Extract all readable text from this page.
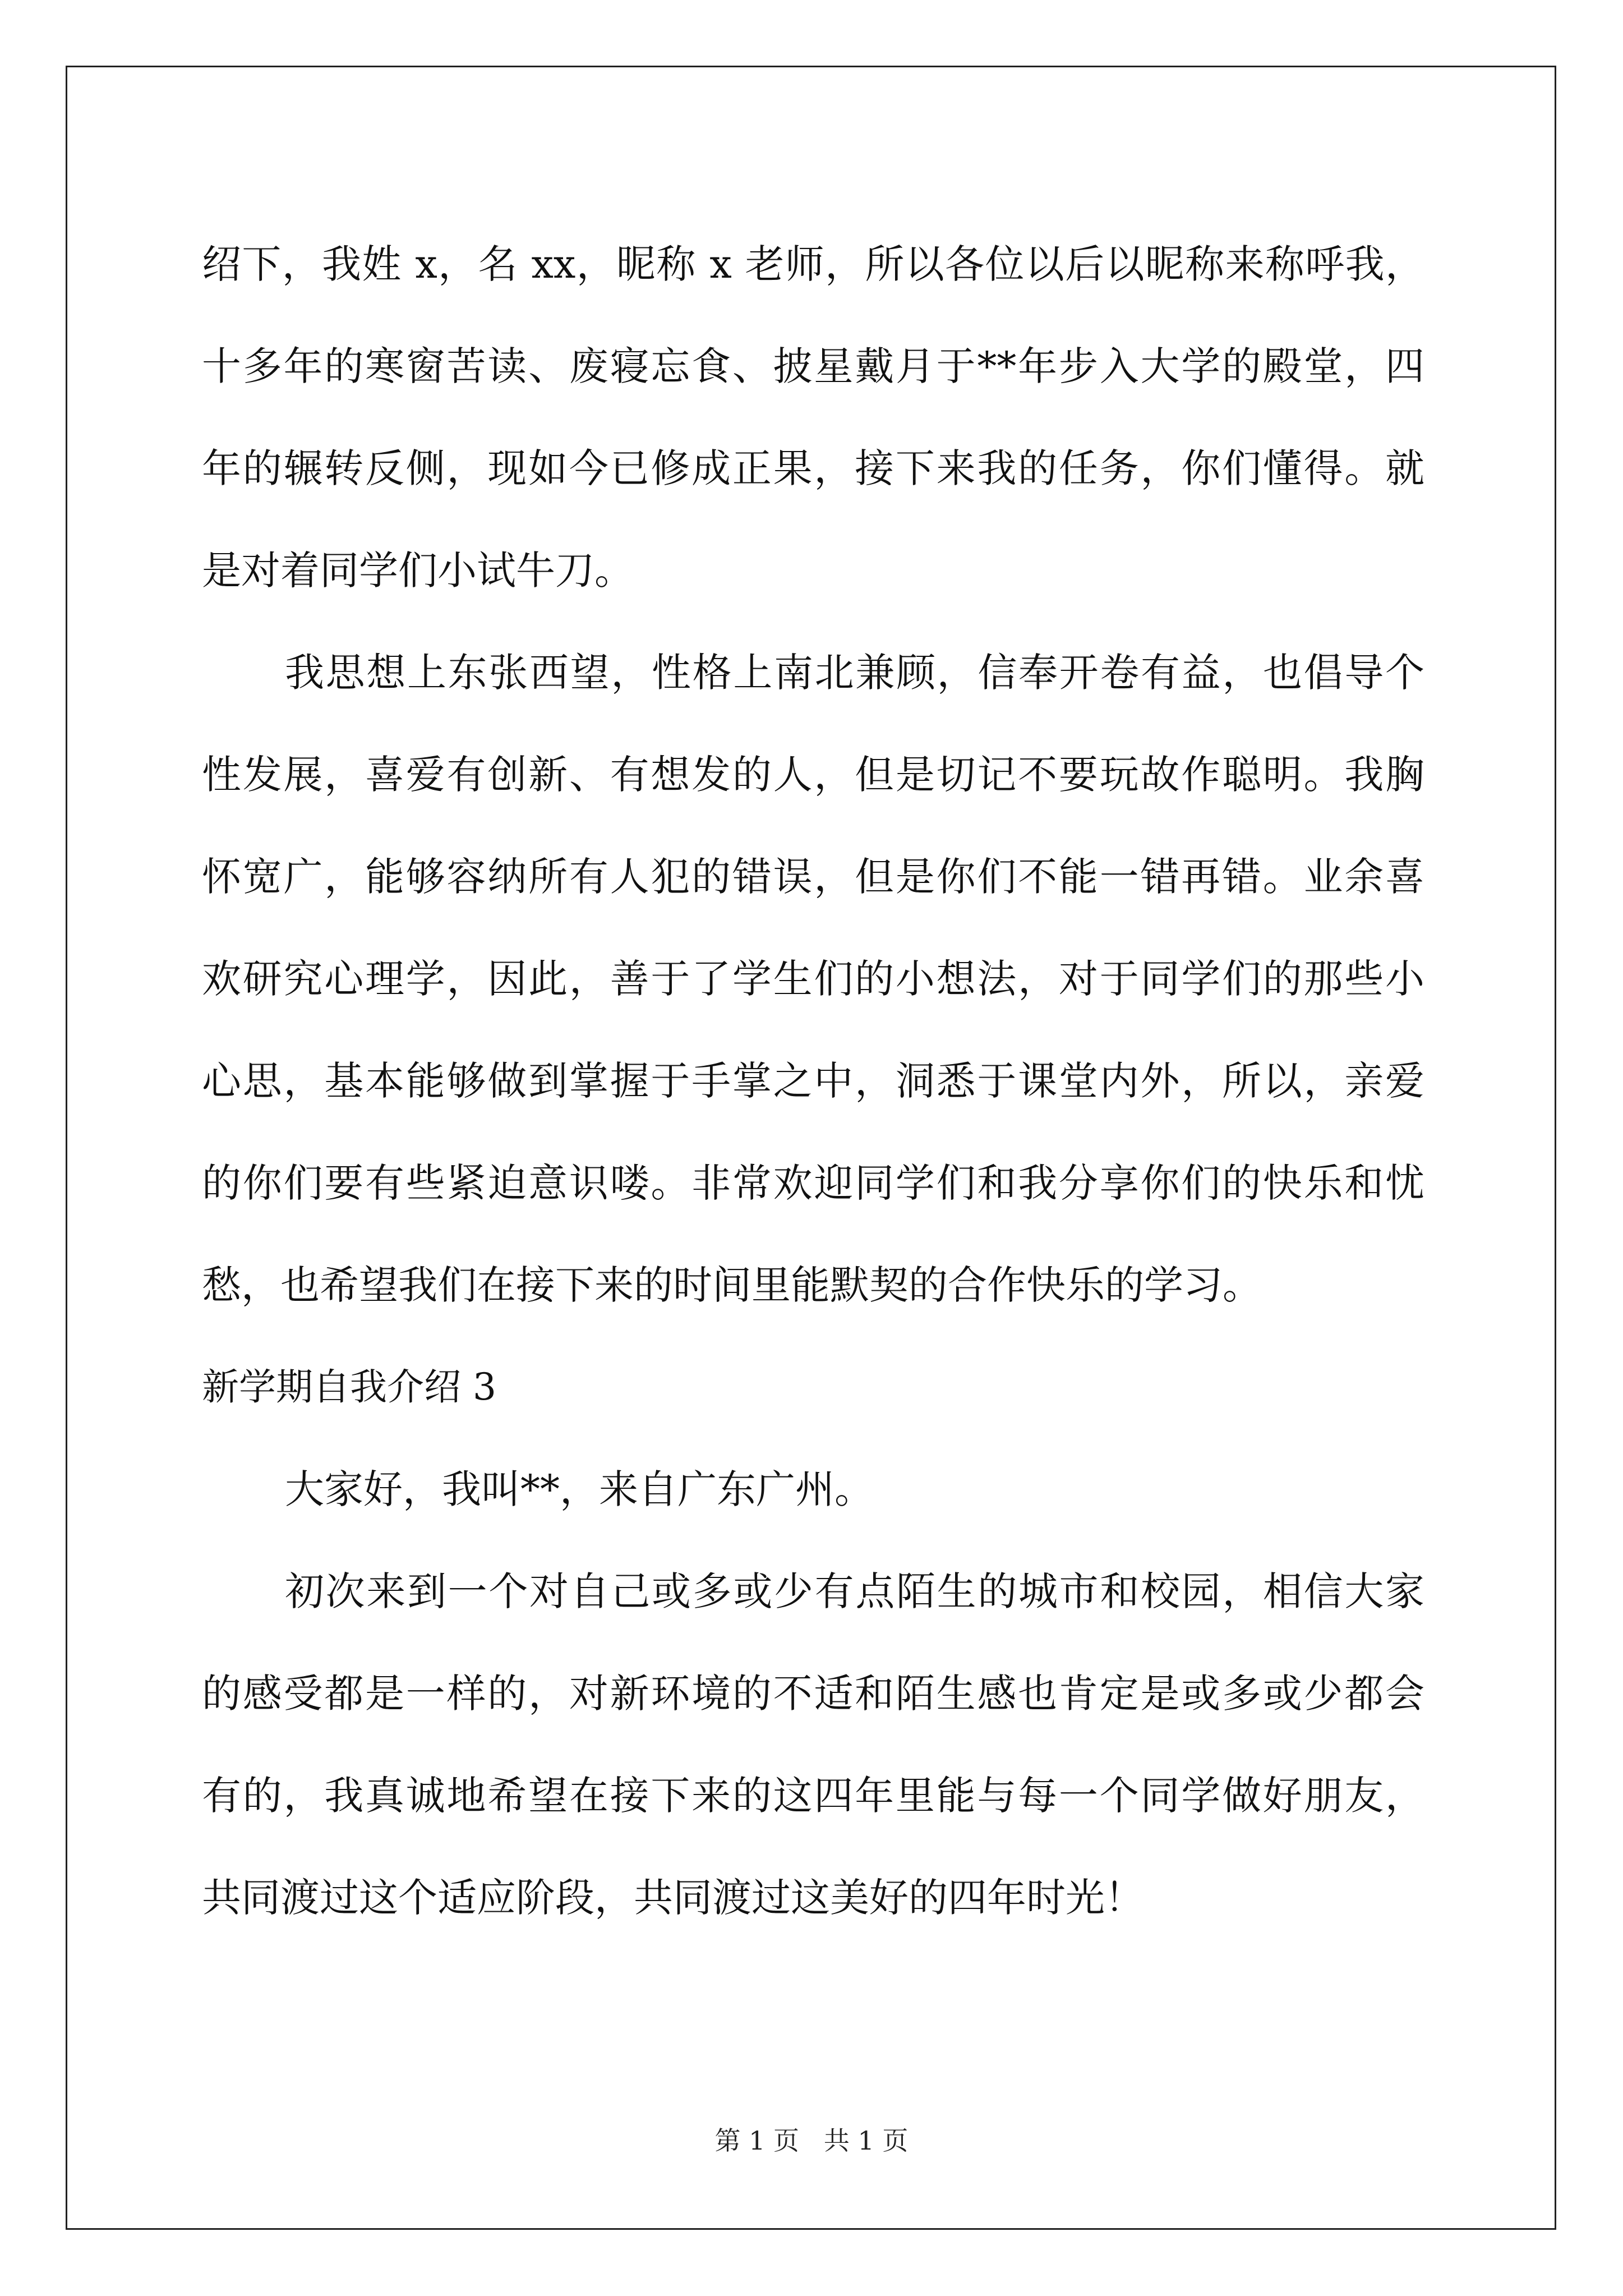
绍下，我姓 x，名 xx，昵称 x 老师，所以各位以后以昵称来称呼我，
十多年的寒窗苦读、废寝忘食、披星戴月于**年步入大学的殿堂，四
年的辗转反侧，现如今已修成正果，接下来我的任务，你们懂得。就
是对着同学们小试牛刀。
我思想上东张西望，性格上南北兼顾，信奉开卷有益，也倡导个
性发展，喜爱有创新、有想发的人，但是切记不要玩故作聪明。我胸
怀宽广，能够容纳所有人犯的错误，但是你们不能一错再错。业余喜
欢研究心理学，因此，善于了学生们的小想法，对于同学们的那些小
心思，基本能够做到掌握于手掌之中，洞悉于课堂内外，所以，亲爱
的你们要有些紧迫意识喽。非常欢迎同学们和我分享你们的快乐和忧
愁，也希望我们在接下来的时间里能默契的合作快乐的学习。
新学期自我介绍 3
大家好，我叫**，来自广东广州。
初次来到一个对自己或多或少有点陌生的城市和校园，相信大家
的感受都是一样的，对新环境的不适和陌生感也肯定是或多或少都会
有的，我真诚地希望在接下来的这四年里能与每一个同学做好朋友，
共同渡过这个适应阶段，共同渡过这美好的四年时光！
第 1 页   共 1 页
